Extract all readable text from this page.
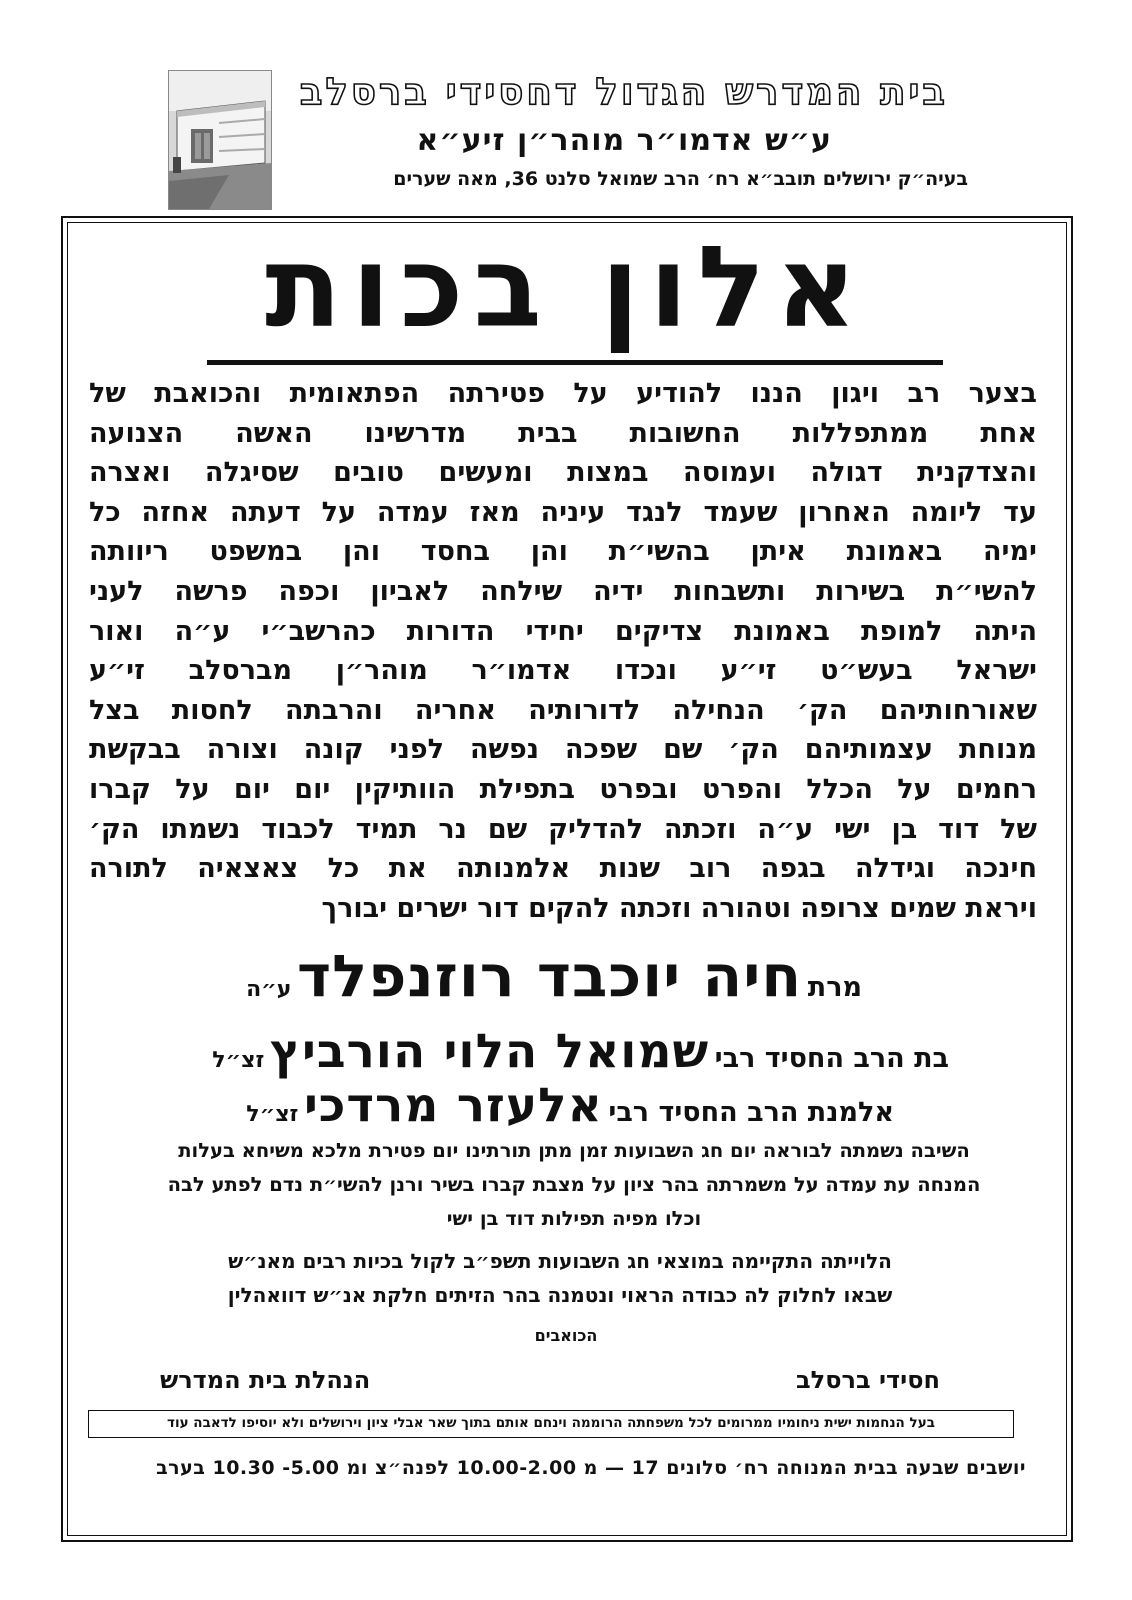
בית המדרש הגדול דחסידי ברסלב
ע״ש אדמו״ר מוהר״ן זיע״א
בעיה״ק ירושלים תובב״א רח׳ הרב שמואל סלנט 36, מאה שערים
אלון בכות
בצער רב ויגון הננו להודיע על פטירתה הפתאומית והכואבת של
אחת ממתפללות החשובות בבית מדרשינו האשה הצנועה
והצדקנית דגולה ועמוסה במצות ומעשים טובים שסיגלה ואצרה
עד ליומה האחרון שעמד לנגד עיניה מאז עמדה על דעתה אחזה כל
ימיה באמונת איתן בהשי״ת והן בחסד והן במשפט ריוותה
להשי״ת בשירות ותשבחות ידיה שילחה לאביון וכפה פרשה לעני
היתה למופת באמונת צדיקים יחידי הדורות כהרשב״י ע״ה ואור
ישראל בעש״ט זי״ע ונכדו אדמו״ר מוהר״ן מברסלב זי״ע
שאורחותיהם הק׳ הנחילה לדורותיה אחריה והרבתה לחסות בצל
מנוחת עצמותיהם הק׳ שם שפכה נפשה לפני קונה וצורה בבקשת
רחמים על הכלל והפרט ובפרט בתפילת הוותיקין יום יום על קברו
של דוד בן ישי ע״ה וזכתה להדליק שם נר תמיד לכבוד נשמתו הק׳
חינכה וגידלה בגפה רוב שנות אלמנותה את כל צאצאיה לתורה
ויראת שמים צרופה וטהורה וזכתה להקים דור ישרים יבורך
מרת חיה יוכבד רוזנפלד ע״ה
בת הרב החסיד רבי שמואל הלוי הורביץ זצ״ל
אלמנת הרב החסיד רבי אלעזר מרדכי זצ״ל
השיבה נשמתה לבוראה יום חג השבועות זמן מתן תורתינו יום פטירת מלכא משיחא בעלות
המנחה עת עמדה על משמרתה בהר ציון על מצבת קברו בשיר ורנן להשי״ת נדם לפתע לבה
וכלו מפיה תפילות דוד בן ישי
הלוייתה התקיימה במוצאי חג השבועות תשפ״ב לקול בכיות רבים מאנ״ש
שבאו לחלוק לה כבודה הראוי ונטמנה בהר הזיתים חלקת אנ״ש דוואהלין
הכואבים
חסידי ברסלב
הנהלת בית המדרש
בעל הנחמות ישית ניחומיו ממרומים לכל משפחתה הרוממה וינחם אותם בתוך שאר אבלי ציון וירושלים ולא יוסיפו לדאבה עוד
יושבים שבעה בבית המנוחה רח׳ סלונים 17 — מ 10.00-2.00 לפנה״צ ומ 5.00- 10.30 בערב
